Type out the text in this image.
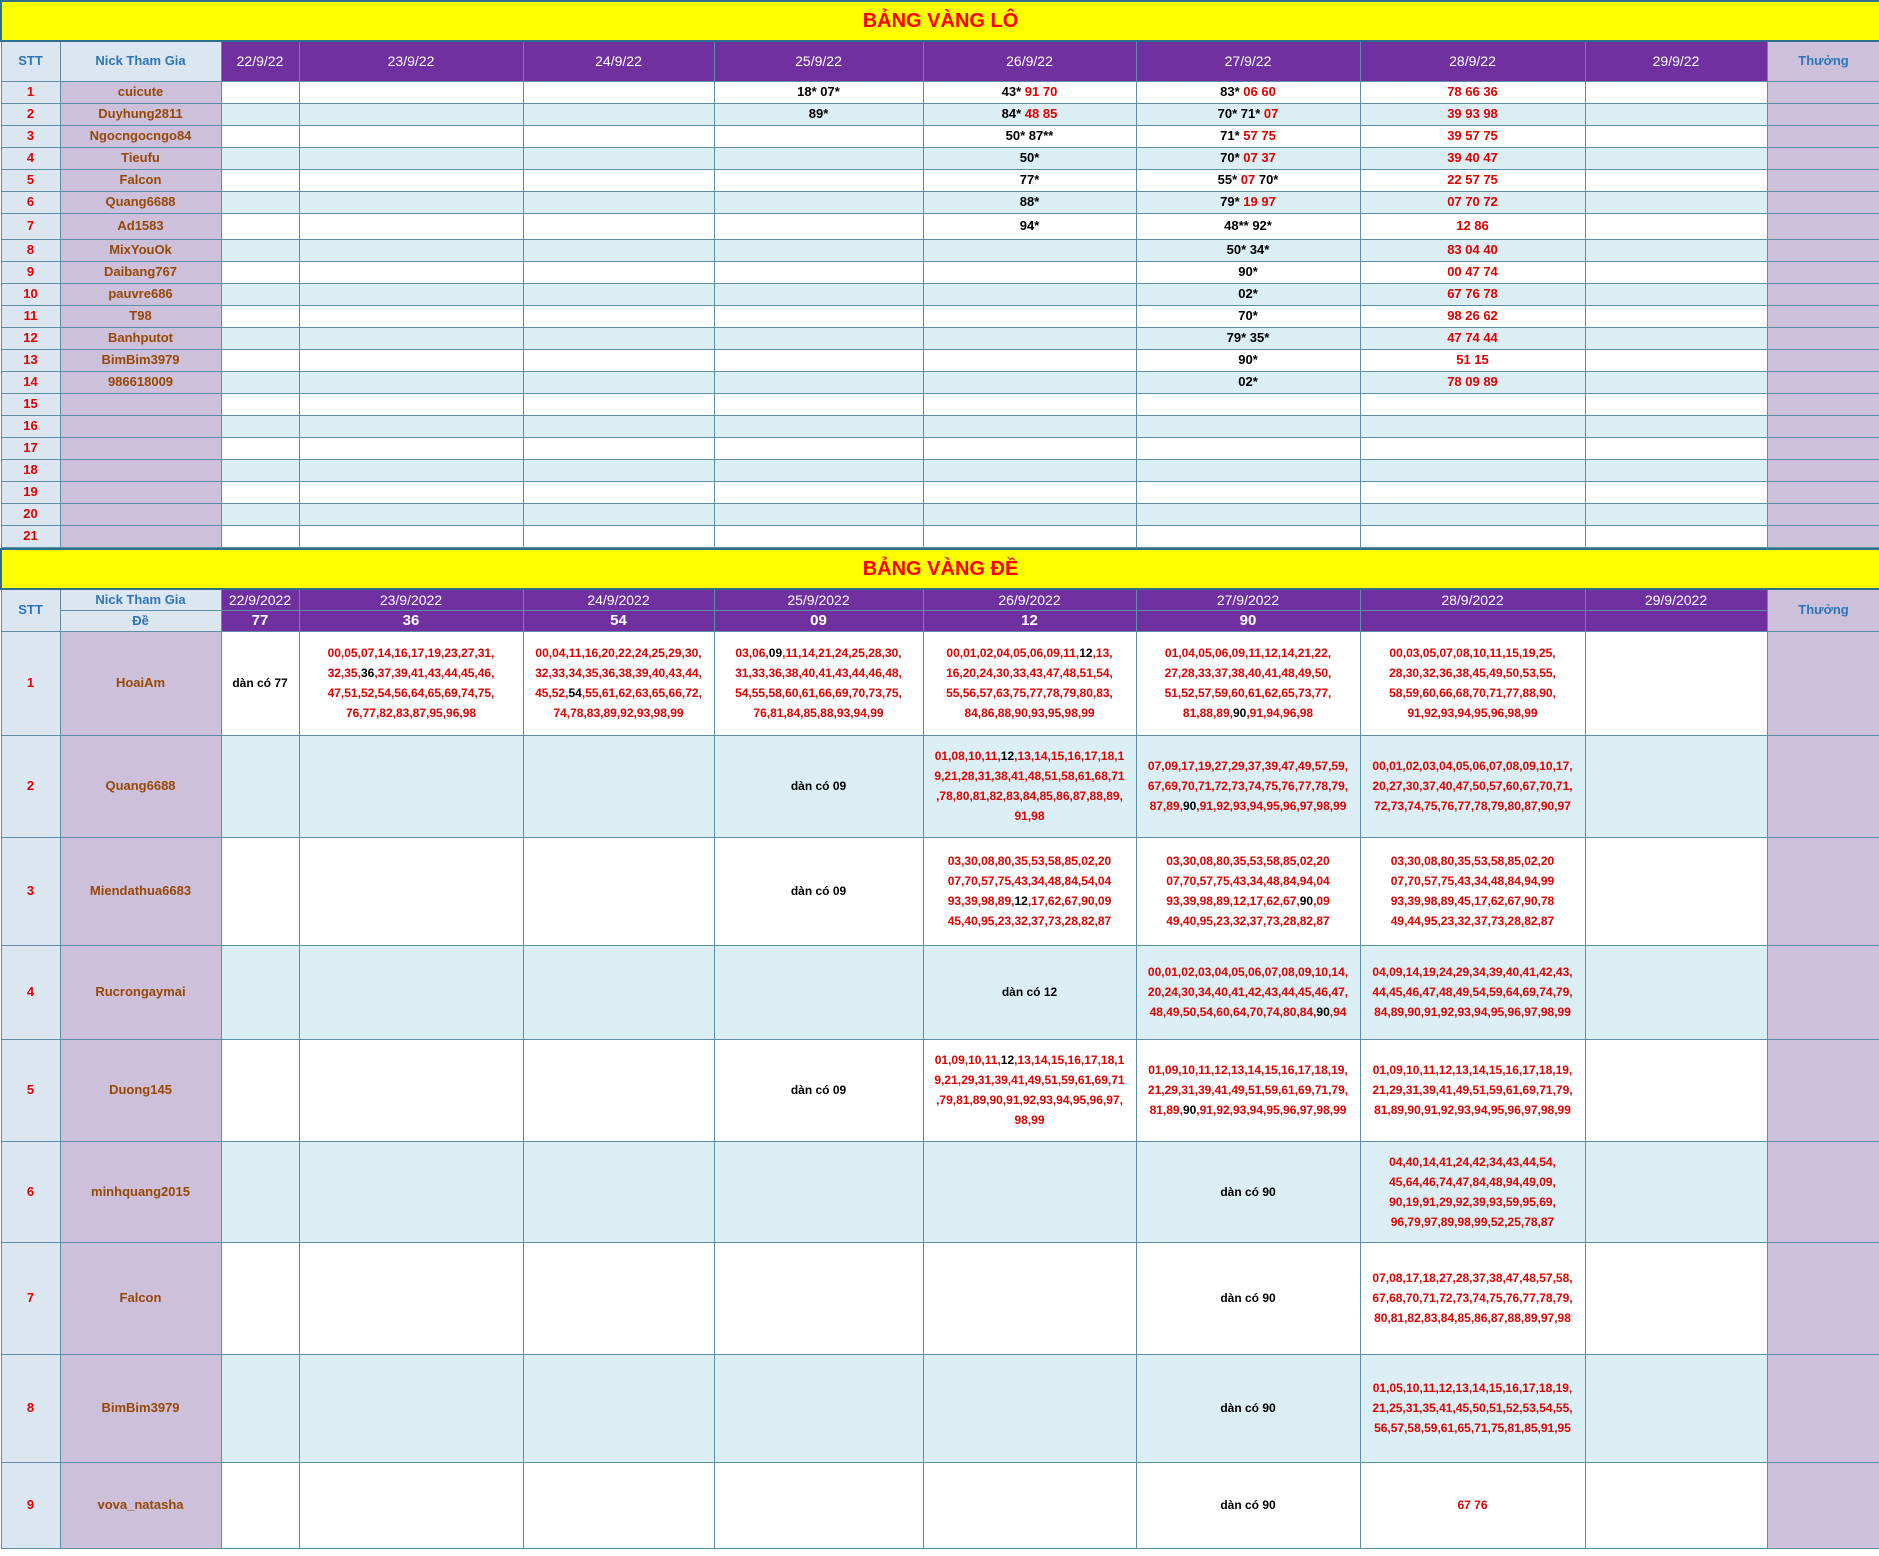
BẢNG VÀNG LÔ										
STT	Nick Tham Gia	22/9/22	23/9/22	24/9/22	25/9/22	26/9/22	27/9/22	28/9/22	29/9/22	Thưởng
1	cuicute				18* 07*	43* 91 70	83* 06 60	78 66 36		
2	Duyhung2811				89*	84* 48 85	70* 71* 07	39 93 98		
3	Ngocngocngo84					50* 87**	71* 57 75	39 57 75		
4	Tieufu					50*	70* 07 37	39 40 47		
5	Falcon					77*	55* 07 70*	22 57 75		
6	Quang6688					88*	79* 19 97	07 70 72		
7	Ad1583					94*	48** 92*	12 86		
8	MixYouOk						50* 34*	83 04 40		
9	Daibang767						90*	00 47 74		
10	pauvre686						02*	67 76 78		
11	T98						70*	98 26 62		
12	Banhputot						79* 35*	47 74 44		
13	BimBim3979						90*	51 15		
14	986618009						02*	78 09 89		
15										
16										
17										
18										
19										
20										
21										
BẢNG VÀNG ĐỀ										
STT	Nick Tham Gia	22/9/2022	23/9/2022	24/9/2022	25/9/2022	26/9/2022	27/9/2022	28/9/2022	29/9/2022	Thưởng
	Đề	77	36	54	09	12	90			
1	HoaiAm	dàn có 77	00,05,07,14,16,17,19,23,27,31,
32,35,36,37,39,41,43,44,45,46,
47,51,52,54,56,64,65,69,74,75,
76,77,82,83,87,95,96,98	00,04,11,16,20,22,24,25,29,30,
32,33,34,35,36,38,39,40,43,44,
45,52,54,55,61,62,63,65,66,72,
74,78,83,89,92,93,98,99	03,06,09,11,14,21,24,25,28,30,
31,33,36,38,40,41,43,44,46,48,
54,55,58,60,61,66,69,70,73,75,
76,81,84,85,88,93,94,99	00,01,02,04,05,06,09,11,12,13,
16,20,24,30,33,43,47,48,51,54,
55,56,57,63,75,77,78,79,80,83,
84,86,88,90,93,95,98,99	01,04,05,06,09,11,12,14,21,22,
27,28,33,37,38,40,41,48,49,50,
51,52,57,59,60,61,62,65,73,77,
81,88,89,90,91,94,96,98	00,03,05,07,08,10,11,15,19,25,
28,30,32,36,38,45,49,50,53,55,
58,59,60,66,68,70,71,77,88,90,
91,92,93,94,95,96,98,99		
2	Quang6688				dàn có 09	01,08,10,11,12,13,14,15,16,17,18,1
9,21,28,31,38,41,48,51,58,61,68,71
,78,80,81,82,83,84,85,86,87,88,89,
91,98	07,09,17,19,27,29,37,39,47,49,57,59,
67,69,70,71,72,73,74,75,76,77,78,79,
87,89,90,91,92,93,94,95,96,97,98,99	00,01,02,03,04,05,06,07,08,09,10,17,
20,27,30,37,40,47,50,57,60,67,70,71,
72,73,74,75,76,77,78,79,80,87,90,97		
3	Miendathua6683				dàn có 09	03,30,08,80,35,53,58,85,02,20
07,70,57,75,43,34,48,84,54,04
93,39,98,89,12,17,62,67,90,09
45,40,95,23,32,37,73,28,82,87	03,30,08,80,35,53,58,85,02,20
07,70,57,75,43,34,48,84,94,04
93,39,98,89,12,17,62,67,90,09
49,40,95,23,32,37,73,28,82,87	03,30,08,80,35,53,58,85,02,20
07,70,57,75,43,34,48,84,94,99
93,39,98,89,45,17,62,67,90,78
49,44,95,23,32,37,73,28,82,87		
4	Rucrongaymai					dàn có 12	00,01,02,03,04,05,06,07,08,09,10,14,
20,24,30,34,40,41,42,43,44,45,46,47,
48,49,50,54,60,64,70,74,80,84,90,94	04,09,14,19,24,29,34,39,40,41,42,43,
44,45,46,47,48,49,54,59,64,69,74,79,
84,89,90,91,92,93,94,95,96,97,98,99		
5	Duong145				dàn có 09	01,09,10,11,12,13,14,15,16,17,18,1
9,21,29,31,39,41,49,51,59,61,69,71
,79,81,89,90,91,92,93,94,95,96,97,
98,99	01,09,10,11,12,13,14,15,16,17,18,19,
21,29,31,39,41,49,51,59,61,69,71,79,
81,89,90,91,92,93,94,95,96,97,98,99	01,09,10,11,12,13,14,15,16,17,18,19,
21,29,31,39,41,49,51,59,61,69,71,79,
81,89,90,91,92,93,94,95,96,97,98,99		
6	minhquang2015						dàn có 90	04,40,14,41,24,42,34,43,44,54,
45,64,46,74,47,84,48,94,49,09,
90,19,91,29,92,39,93,59,95,69,
96,79,97,89,98,99,52,25,78,87		
7	Falcon						dàn có 90	07,08,17,18,27,28,37,38,47,48,57,58,
67,68,70,71,72,73,74,75,76,77,78,79,
80,81,82,83,84,85,86,87,88,89,97,98		
8	BimBim3979						dàn có 90	01,05,10,11,12,13,14,15,16,17,18,19,
21,25,31,35,41,45,50,51,52,53,54,55,
56,57,58,59,61,65,71,75,81,85,91,95		
9	vova_natasha						dàn có 90	67 76		
